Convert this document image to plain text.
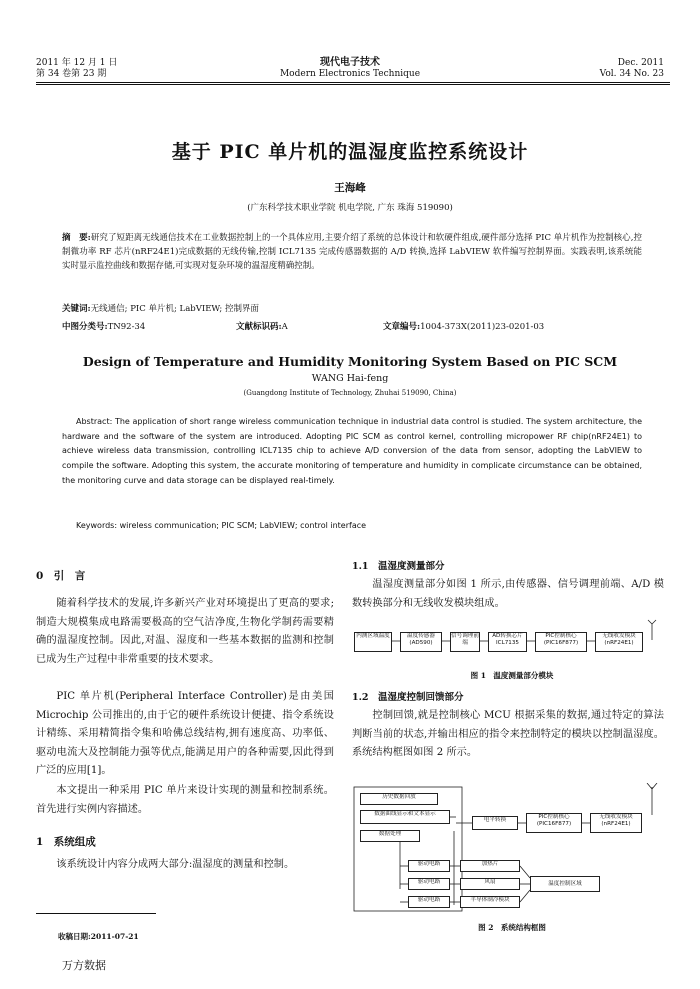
2011 年 12 月 1 日
第 34 卷第 23 期
现代电子技术
Modern Electronics Technique
Dec. 2011
Vol. 34 No. 23
基于 PIC 单片机的温湿度监控系统设计
王海峰
(广东科学技术职业学院 机电学院, 广东 珠海 519090)
摘　要:研究了短距离无线通信技术在工业数据控制上的一个具体应用,主要介绍了系统的总体设计和软硬件组成,硬件部分选择 PIC 单片机作为控制核心,控制微功率 RF 芯片(nRF24E1)完成数据的无线传输,控制 ICL7135 完成传感器数据的 A/D 转换,选择 LabVIEW 软件编写控制界面。实践表明,该系统能实时显示监控曲线和数据存储,可实现对复杂环境的温湿度精确控制。
关键词:无线通信; PIC 单片机; LabVIEW; 控制界面
中图分类号:TN92-34	文献标识码:A	文章编号:1004-373X(2011)23-0201-03
Design of Temperature and Humidity Monitoring System Based on PIC SCM
WANG Hai-feng
(Guangdong Institute of Technology, Zhuhai 519090, China)
Abstract: The application of short range wireless communication technique in industrial data control is studied. The system architecture, the hardware and the software of the system are introduced. Adopting PIC SCM as control kernel, controlling micropower RF chip(nRF24E1) to achieve wireless data transmission, controlling ICL7135 chip to achieve A/D conversion of the data from sensor, adopting the LabVIEW to compile the software. Adopting this system, the accurate monitoring of temperature and humidity in complicate circumstance can be obtained, the monitoring curve and data storage can be displayed real-timely.
Keywords: wireless communication; PIC SCM; LabVIEW; control interface
0　引　言
随着科学技术的发展,许多新兴产业对环境提出了更高的要求;制造大规模集成电路需要极高的空气洁净度,生物化学制药需要精确的温湿度控制。因此,对温、湿度和一些基本数据的监测和控制已成为生产过程中非常重要的技术要求。
PIC 单片机(Peripheral Interface Controller)是由美国 Microchip 公司推出的,由于它的硬件系统设计便捷、指令系统设计精练、采用精简指令集和哈佛总线结构,拥有速度高、功率低、驱动电流大及控制能力强等优点,能满足用户的各种需要,因此得到广泛的应用[1]。
本文提出一种采用 PIC 单片来设计实现的测量和控制系统。首先进行实例内容描述。
1　系统组成
该系统设计内容分成两大部分:温湿度的测量和控制。
收稿日期:2011-07-21
万方数据
1.1　温湿度测量部分
温湿度测量部分如图 1 所示,由传感器、信号调理前端、A/D 模数转换部分和无线收发模块组成。
内测区域温度	温度传感器(AD590)
信号调理前端
AD转换芯片ICL7135
PIC控制核心(PIC16F877)
无线收发模块(nRF24E1)
图 1　温度测量部分模块
1.2　温湿度控制回馈部分
控制回馈,就是控制核心 MCU 根据采集的数据,通过特定的算法判断当前的状态,并输出相应的指令来控制特定的模块以控制温湿度。系统结构框图如图 2 所示。
历史数据回放
数据曲线显示和文本显示
数据处理
电平转换	PIC控制核心(PIC16F877)
无线收发模块(nRF24E1)
驱动电路
驱动电路
驱动电路
加热片
风扇
半导体制冷模块
温度控制区域
图 2　系统结构框图
